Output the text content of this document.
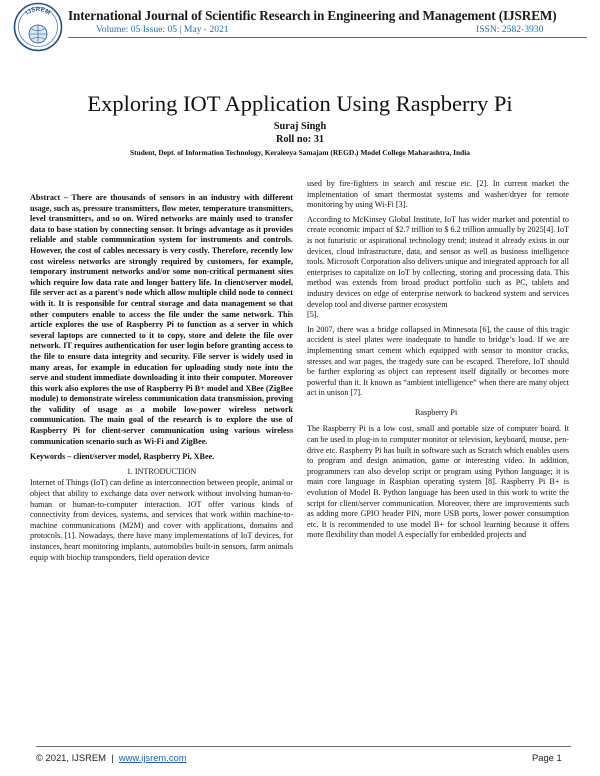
IJSREM International Journal of Scientific Research in Engineering and Management (IJSREM)
Volume: 05 Issue: 05 | May - 2021	ISSN: 2582-3930
Exploring IOT Application Using Raspberry Pi
Suraj Singh
Roll no: 31
Student, Dept. of Information Technology, Keraleeya Samajam (REGD.) Model College Maharashtra, India

Abstract – There are thousands of sensors in an industry with different usage, such as, pressure transmitters, flow meter, temperature transmitters, level transmitters, and so on. Wired networks are mainly used to transfer data to base station by connecting sensor. It brings advantage as it provides reliable and stable communication system for instruments and controls. However, the cost of cables necessary is very costly. Therefore, recently low cost wireless networks are strongly required by customers, for example, temporary instrument networks and/or some non-critical permanent sites which require low data rate and longer battery life. In client/server model, file server act as a parent's node which allow multiple child node to connect with it. It is responsible for central storage and data management so that other computers enable to access the file under the same network. This article explores the use of Raspberry Pi to function as a server in which several laptops are connected to it to copy, store and delete the file over network. IT requires authentication for user login before granting access to the file to ensure data integrity and security. File server is widely used in many areas, for example in education for uploading study note into the serve and student immediate downloading it into their computer. Moreover this work also explores the use of Raspberry Pi B+ model and XBee (ZigBee module) to demonstrate wireless communication data transmission, proving the validity of usage as a mobile low-power wireless network communication. The main goal of the research is to explore the use of Raspberry Pi for client-server communication using various wireless communication scenario such as Wi-Fi and ZigBee.

Keywords – client/server model, Raspberry Pi, XBee.

1. INTRODUCTION

Internet of Things (IoT) can define as interconnection between people, animal or object that ability to exchange data over network without involving human-to-human or human-to-computer interaction. IOT offer various kinds of connectivity from devices, systems, and services that work within machine-to-machine communications (M2M) and cover with applications, domains and protocols. [1]. Nowadays, there have many implementations of IoT devices, for instances, heart monitoring implants, automobiles built-in sensors, farm animals equip with biochip transponders, field operation device

used by fire-fighters in search and rescue etc. [2]. In current market the implementation of smart thermostat systems and washer/dryer for remote monitoring by using Wi-Fi [3].

According to McKinsey Global Institute, IoT has wider market and potential to create economic impact of $2.7 trillion to $ 6.2 trillion annually by 2025[4]. IoT is not futuristic or aspirational technology trend; instead it already exists in our devices, cloud infrastructure, data, and sensor as well as business intelligence tools. Microsoft Corporation also delivers unique and integrated approach for all enterprises to capitalize on IoT by collecting, storing and processing data. This method was extends from broad product portfolio such as PC, tablets and industry devices on edge of enterprise network to backend system and services develop tool and diverse partner ecosystem

[5].

In 2007, there was a bridge collapsed in Minnesota [6], the cause of this tragic accident is steel plates were inadequate to handle to bridge’s load. If we are implementing smart cement which equipped with sensor to monitor cracks, stresses and war pages, the tragedy sure can be escaped. Therefore, IoT should be farther exploring as object can represent itself digitally or becomes more powerful than it. It known as “ambient intelligence” when there are many object act in unison [7].

Raspberry Pi

The Raspberry Pi is a low cost, small and portable size of computer board. It can be used to plug-in to computer monitor or television, keyboard, mouse, pen-drive etc. Raspberry Pi has built in software such as Scratch which enables users to program and design animation, game or interesting video. In addition, programmers can also develop script or program using Python language; it is main core language in Raspbian operating system [8]. Raspberry Pi B+ is evolution of Model B. Python language has been used in this work to write the script for client/server communication. Moreover, there are improvements such as adding more GPIO header PIN, more USB ports, lower power consumption etc. It is recommended to use model B+ for school learning because it offers more flexibility than model A especially for embedded projects and

© 2021, IJSREM | www.ijsrem.com	Page 1
